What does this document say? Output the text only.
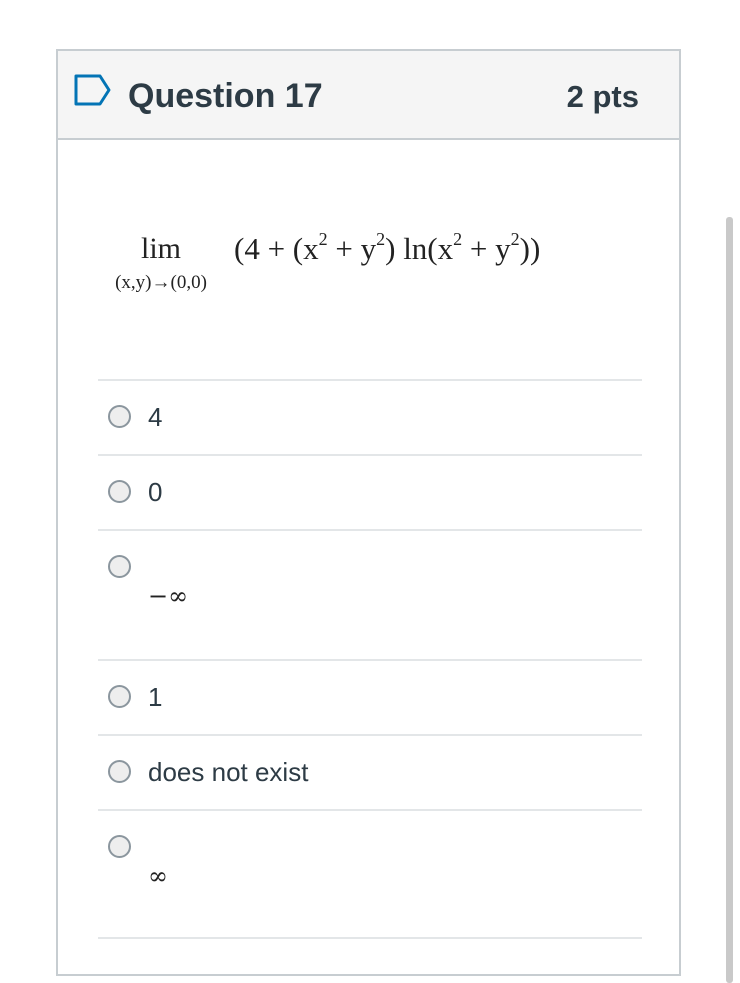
Question 17	2 pts
lim
(x,y)→(0,0)
$(4 + (x^2 + y^2) \ln(x^2 + y^2))$
4
0
−∞
1
does not exist
∞
